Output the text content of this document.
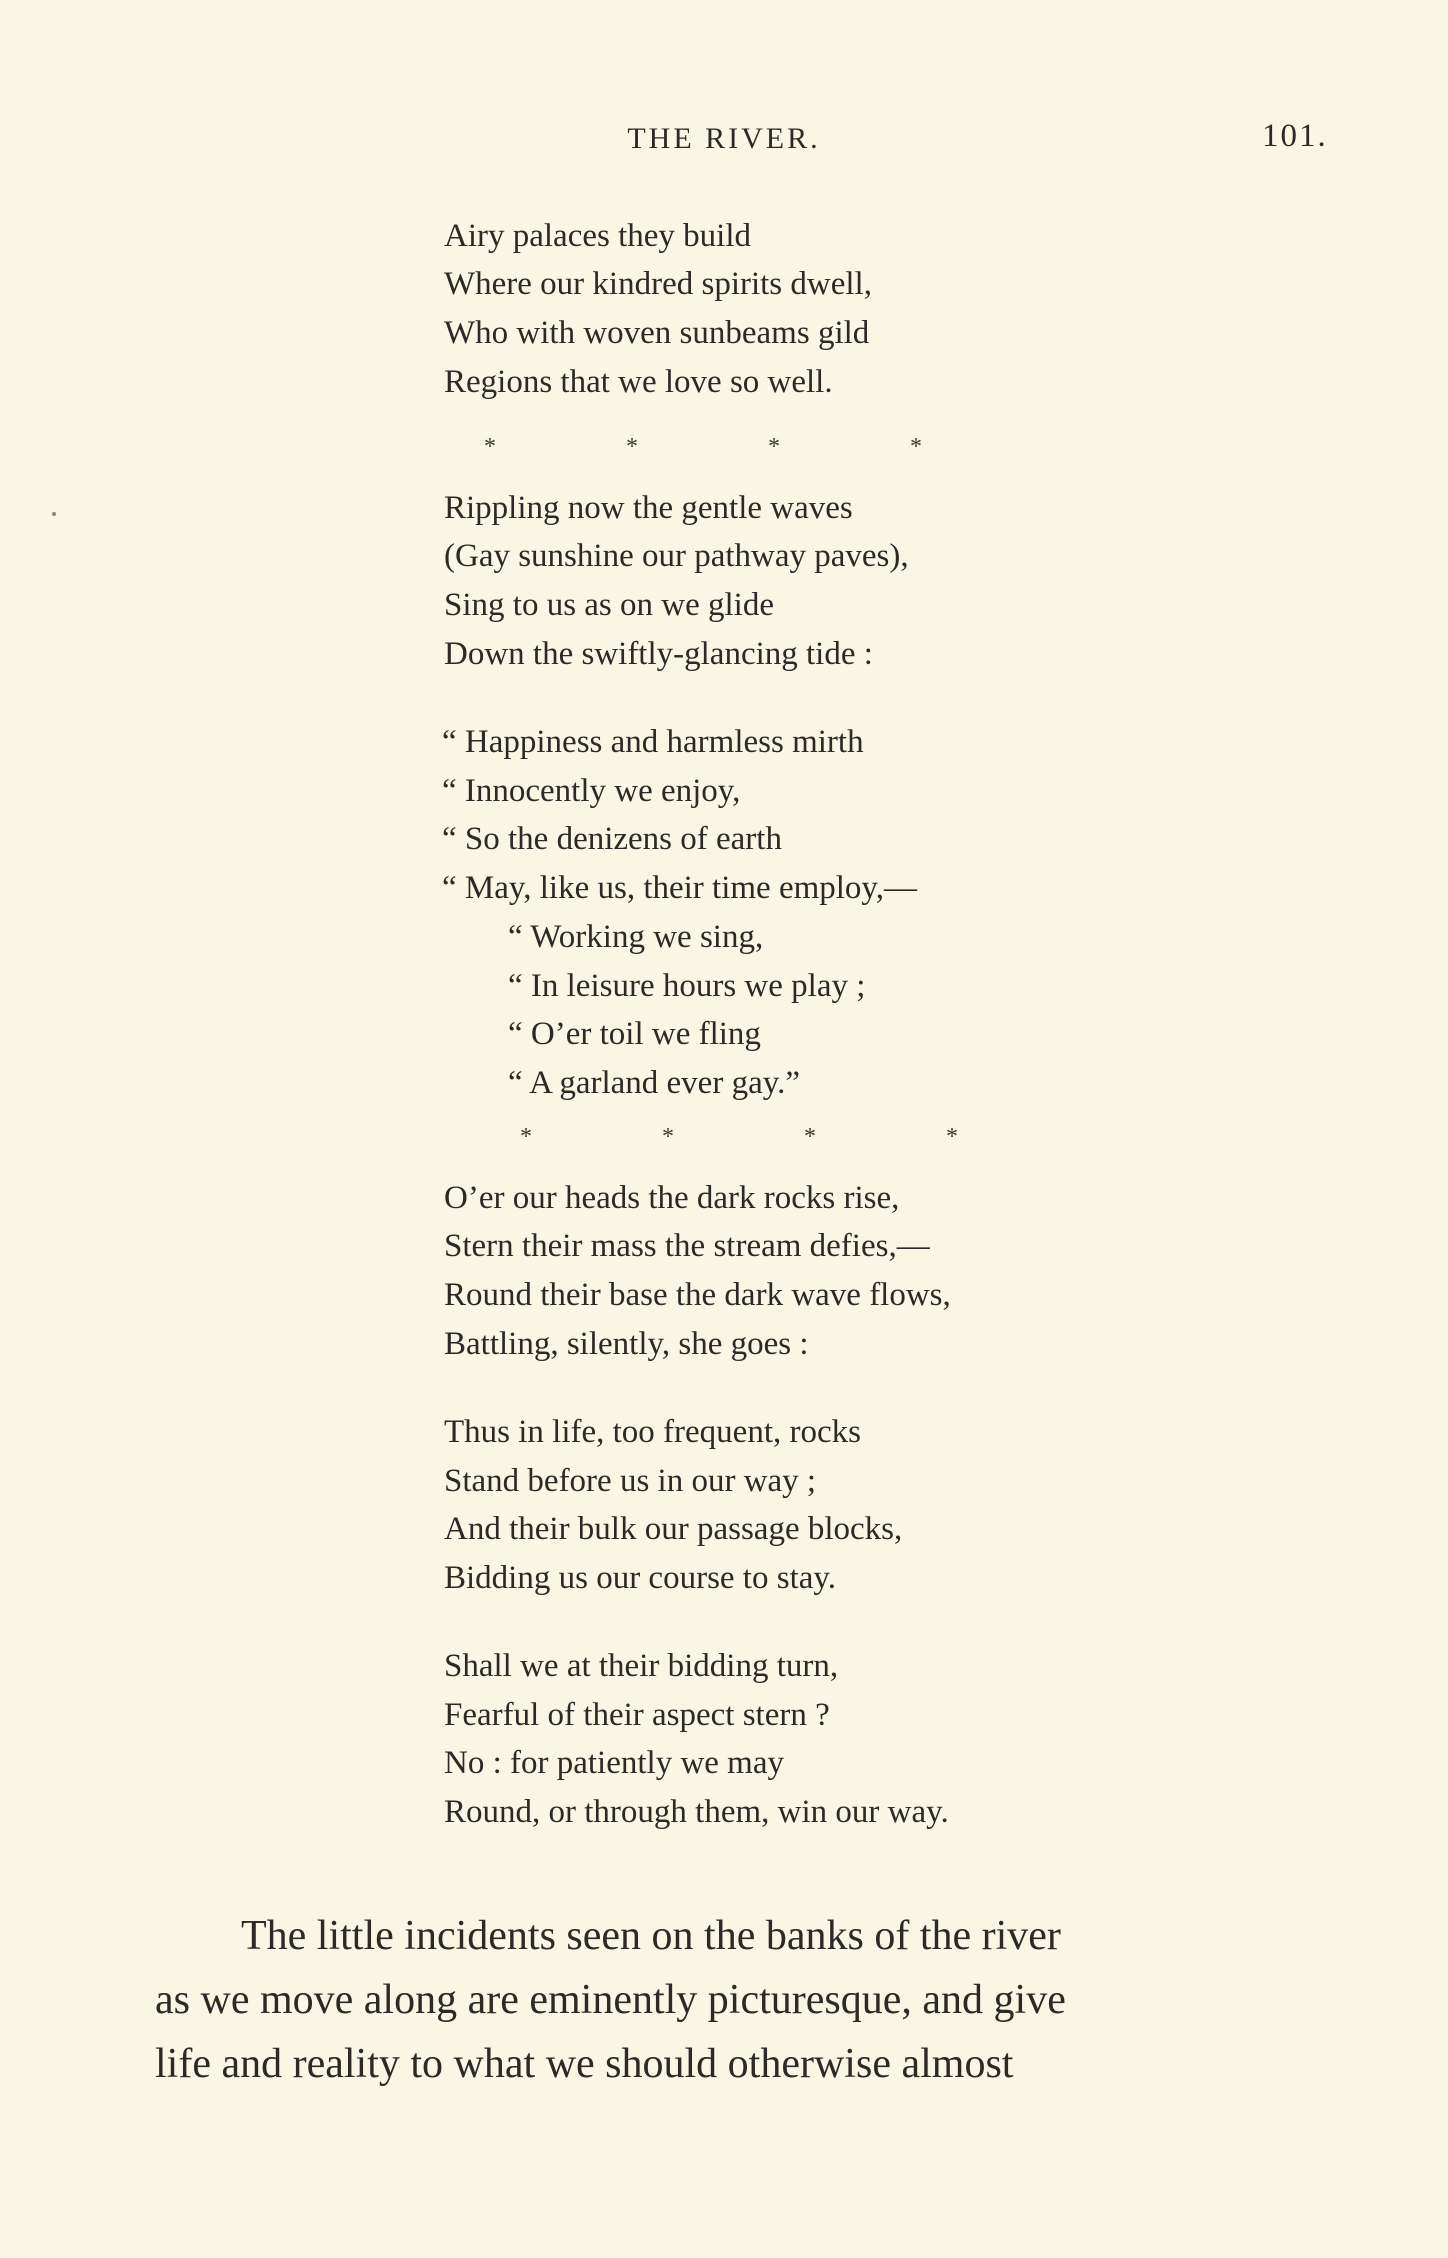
THE RIVER.	101.
Airy palaces they build
Where our kindred spirits dwell,
Who with woven sunbeams gild
Regions that we love so well.
*	*	*	*
Rippling now the gentle waves
(Gay sunshine our pathway paves),
Sing to us as on we glide
Down the swiftly-glancing tide :
“ Happiness and harmless mirth
“ Innocently we enjoy,
“ So the denizens of earth
“ May, like us, their time employ,—
“ Working we sing,
“ In leisure hours we play ;
“ O’er toil we fling
“ A garland ever gay.”
*	*	*	*
O’er our heads the dark rocks rise,
Stern their mass the stream defies,—
Round their base the dark wave flows,
Battling, silently, she goes :
Thus in life, too frequent, rocks
Stand before us in our way ;
And their bulk our passage blocks,
Bidding us our course to stay.
Shall we at their bidding turn,
Fearful of their aspect stern ?
No : for patiently we may
Round, or through them, win our way.
The little incidents seen on the banks of the river
as we move along are eminently picturesque, and give
life and reality to what we should otherwise almost
